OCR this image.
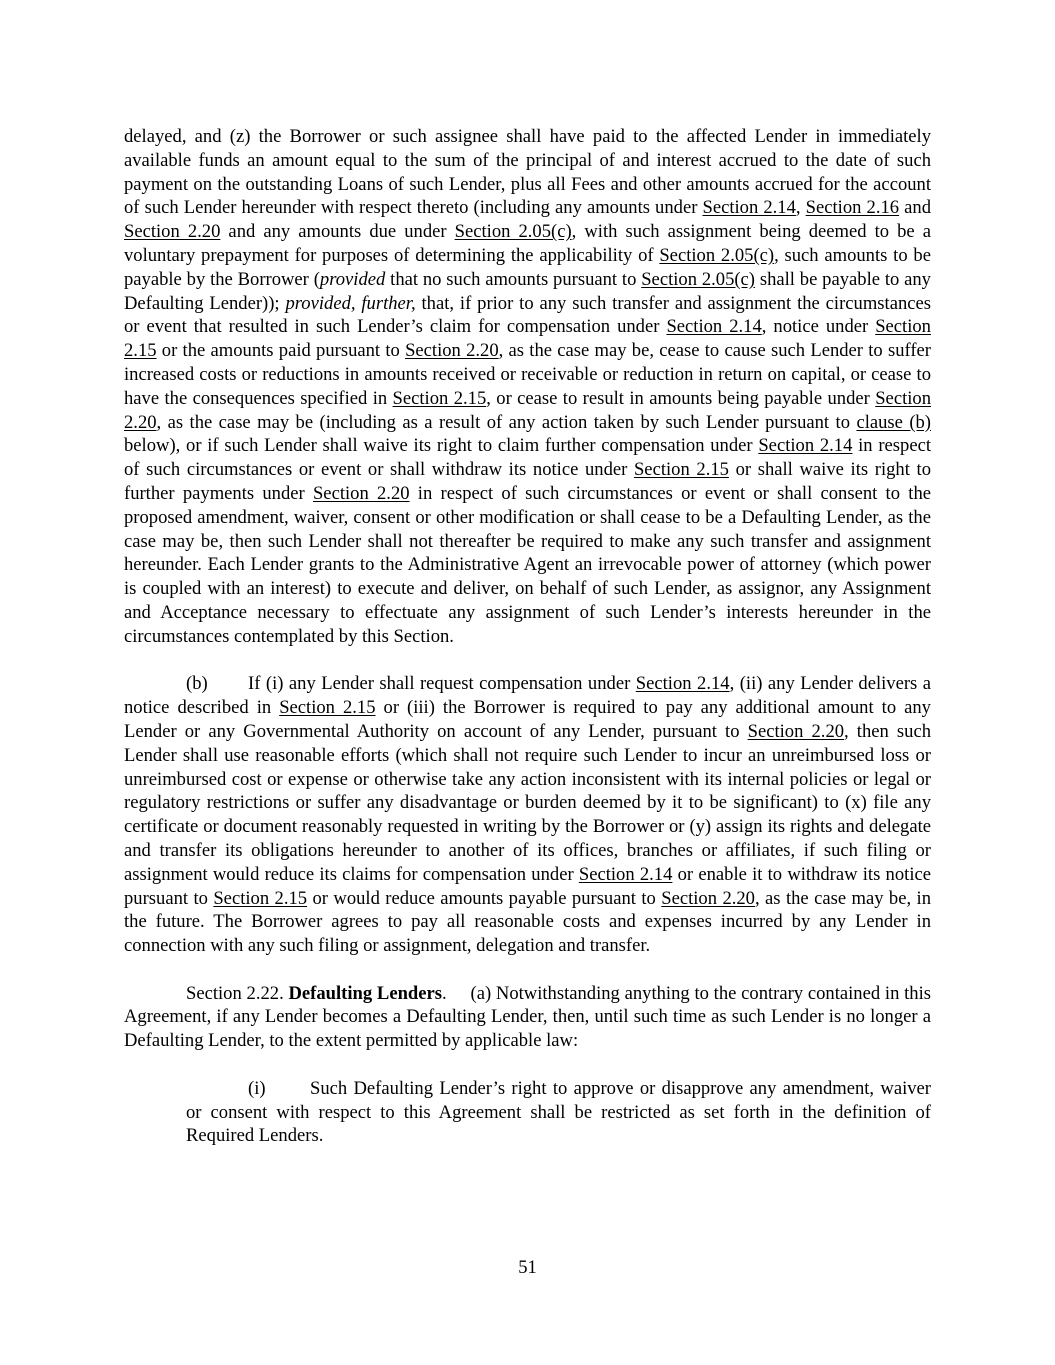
delayed, and (z) the Borrower or such assignee shall have paid to the affected Lender in immediately available funds an amount equal to the sum of the principal of and interest accrued to the date of such payment on the outstanding Loans of such Lender, plus all Fees and other amounts accrued for the account of such Lender hereunder with respect thereto (including any amounts under Section 2.14, Section 2.16 and Section 2.20 and any amounts due under Section 2.05(c), with such assignment being deemed to be a voluntary prepayment for purposes of determining the applicability of Section 2.05(c), such amounts to be payable by the Borrower (provided that no such amounts pursuant to Section 2.05(c) shall be payable to any Defaulting Lender)); provided, further, that, if prior to any such transfer and assignment the circumstances or event that resulted in such Lender’s claim for compensation under Section 2.14, notice under Section 2.15 or the amounts paid pursuant to Section 2.20, as the case may be, cease to cause such Lender to suffer increased costs or reductions in amounts received or receivable or reduction in return on capital, or cease to have the consequences specified in Section 2.15, or cease to result in amounts being payable under Section 2.20, as the case may be (including as a result of any action taken by such Lender pursuant to clause (b) below), or if such Lender shall waive its right to claim further compensation under Section 2.14 in respect of such circumstances or event or shall withdraw its notice under Section 2.15 or shall waive its right to further payments under Section 2.20 in respect of such circumstances or event or shall consent to the proposed amendment, waiver, consent or other modification or shall cease to be a Defaulting Lender, as the case may be, then such Lender shall not thereafter be required to make any such transfer and assignment hereunder. Each Lender grants to the Administrative Agent an irrevocable power of attorney (which power is coupled with an interest) to execute and deliver, on behalf of such Lender, as assignor, any Assignment and Acceptance necessary to effectuate any assignment of such Lender’s interests hereunder in the circumstances contemplated by this Section.

(b) If (i) any Lender shall request compensation under Section 2.14, (ii) any Lender delivers a notice described in Section 2.15 or (iii) the Borrower is required to pay any additional amount to any Lender or any Governmental Authority on account of any Lender, pursuant to Section 2.20, then such Lender shall use reasonable efforts (which shall not require such Lender to incur an unreimbursed loss or unreimbursed cost or expense or otherwise take any action inconsistent with its internal policies or legal or regulatory restrictions or suffer any disadvantage or burden deemed by it to be significant) to (x) file any certificate or document reasonably requested in writing by the Borrower or (y) assign its rights and delegate and transfer its obligations hereunder to another of its offices, branches or affiliates, if such filing or assignment would reduce its claims for compensation under Section 2.14 or enable it to withdraw its notice pursuant to Section 2.15 or would reduce amounts payable pursuant to Section 2.20, as the case may be, in the future. The Borrower agrees to pay all reasonable costs and expenses incurred by any Lender in connection with any such filing or assignment, delegation and transfer.

Section 2.22. Defaulting Lenders. (a) Notwithstanding anything to the contrary contained in this Agreement, if any Lender becomes a Defaulting Lender, then, until such time as such Lender is no longer a Defaulting Lender, to the extent permitted by applicable law:

(i) Such Defaulting Lender’s right to approve or disapprove any amendment, waiver or consent with respect to this Agreement shall be restricted as set forth in the definition of Required Lenders.

51
